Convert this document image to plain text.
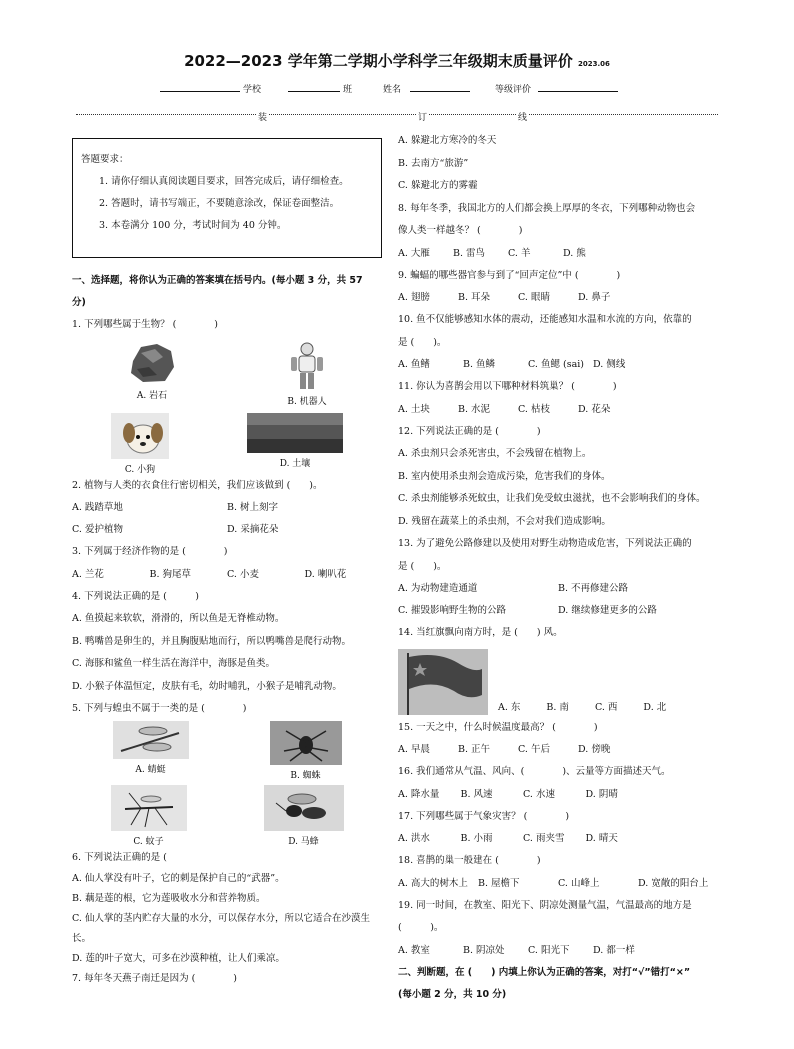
2022—2023 学年第二学期小学科学三年级期末质量评价 2023.06
学校	班	姓名	等级评价
装	订	线
答题要求：
1. 请你仔细认真阅读题目要求，回答完成后，请仔细检查。
2. 答题时，请书写端正，不要随意涂改，保证卷面整洁。
3. 本卷满分 100 分，考试时间为 40 分钟。
一、选择题，将你认为正确的答案填在括号内。(每小题 3 分，共 57
分)

1. 下列哪些属于生物？ (　　　　)

A. 岩石
B. 机器人
C. 小狗
D. 土壤

2. 植物与人类的衣食住行密切相关，我们应该做到 (　　)。

A. 践踏草地	B. 树上刻字
C. 爱护植物	D. 采摘花朵

3. 下列属于经济作物的是 (　　　　)

A. 兰花	B. 狗尾草	C. 小麦	D. 喇叭花

4. 下列说法正确的是 (　　　)

A. 鱼摸起来软软，滑滑的，所以鱼是无脊椎动物。

B. 鸭嘴兽是卵生的，并且胸腹贴地而行，所以鸭嘴兽是爬行动物。

C. 海豚和鲨鱼一样生活在海洋中，海豚是鱼类。

D. 小猴子体温恒定，皮肤有毛，幼时哺乳，小猴子是哺乳动物。

5. 下列与蝗虫不属于一类的是 (　　　　)

A. 蜻蜓
B. 蜘蛛
C. 蚊子	D. 马蜂

6. 下列说法正确的是 (

A. 仙人掌没有叶子，它的刺是保护自己的“武器”。

B. 藕是莲的根，它为莲吸收水分和营养物质。

C. 仙人掌的茎内贮存大量的水分，可以保存水分，所以它适合在沙漠生长。

D. 莲的叶子宽大，可多在沙漠种植，让人们乘凉。

7. 每年冬天燕子南迁是因为 (　　　　)

A. 躲避北方寒冷的冬天

B. 去南方“旅游”

C. 躲避北方的雾霾

8. 每年冬季，我国北方的人们都会换上厚厚的冬衣，下列哪种动物也会

像人类一样越冬？ (　　　　)

A. 大雁	B. 雷鸟	C. 羊	D. 熊

9. 蝙蝠的哪些器官参与到了“回声定位”中 (　　　　)

A. 翅膀	B. 耳朵	C. 眼睛	D. 鼻子

10. 鱼不仅能够感知水体的震动，还能感知水温和水流的方向，依靠的

是 (　　)。

A. 鱼鳍	B. 鱼鳞	C. 鱼鳃 (sai) D. 侧线

11. 你认为喜鹊会用以下哪种材料筑巢？ (　　　　)

A. 土块	B. 水泥	C. 枯枝	D. 花朵

12. 下列说法正确的是 (　　　　)

A. 杀虫剂只会杀死害虫，不会残留在植物上。

B. 室内使用杀虫剂会造成污染，危害我们的身体。

C. 杀虫剂能够杀死蚊虫，让我们免受蚊虫滋扰，也不会影响我们的身体。

D. 残留在蔬菜上的杀虫剂，不会对我们造成影响。

13. 为了避免公路修建以及使用对野生动物造成危害，下列说法正确的

是 (　　)。

A. 为动物建造通道	B. 不再修建公路
C. 摧毁影响野生物的公路	D. 继续修建更多的公路

14. 当红旗飘向南方时，是 (　　) 风。

A. 东	B. 南	C. 西	D. 北

15. 一天之中，什么时候温度最高？ (　　　　)

A. 早晨	B. 正午	C. 午后	D. 傍晚

16. 我们通常从气温、风向、(　　　　)、云量等方面描述天气。

A. 降水量	B. 风速	C. 水速	D. 阴晴

17. 下列哪些属于气象灾害？ (　　　　)

A. 洪水	B. 小雨	C. 雨夹雪	D. 晴天

18. 喜鹊的巢一般建在 (　　　　)

A. 高大的树木上	B. 屋檐下	C. 山峰上	D. 宽敞的阳台上

19. 同一时间，在教室、阳光下、阴凉处测量气温，气温最高的地方是

(　　　)。

A. 教室	B. 阴凉处	C. 阳光下	D. 都一样
二、判断题，在 (　　) 内填上你认为正确的答案，对打“√”错打“×”
(每小题 2 分，共 10 分)
